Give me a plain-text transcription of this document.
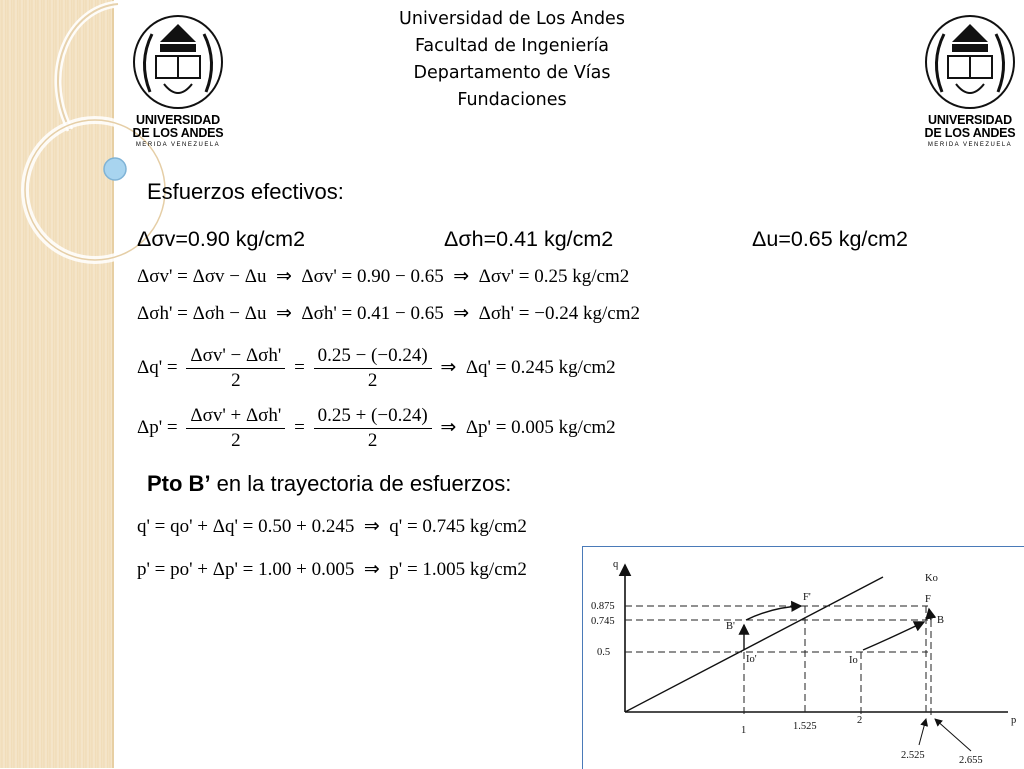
Universidad de Los Andes
Facultad de Ingeniería
Departamento de Vías
Fundaciones
UNIVERSIDAD
DE LOS ANDES
MERIDA VENEZUELA
UNIVERSIDAD
DE LOS ANDES
MERIDA VENEZUELA
Esfuerzos efectivos:
Δσv=0.90 kg/cm2	Δσh=0.41 kg/cm2	Δu=0.65 kg/cm2
Δσv' = Δσv − Δu  ⇒  Δσv' = 0.90 − 0.65  ⇒  Δσv' = 0.25 kg/cm2
Δσh' = Δσh − Δu  ⇒  Δσh' = 0.41 − 0.65  ⇒  Δσh' = −0.24 kg/cm2
$\Delta q' = \frac{\text{Δσv' − Δσh'}}{2} = \frac{0.25 - (-0.24)}{2}$ ⇒  Δq' = 0.245 kg/cm2
$\Delta p' = \frac{\text{Δσv' + Δσh'}}{2} = \frac{0.25 + (-0.24)}{2}$ ⇒  Δp' = 0.005 kg/cm2
Pto B’ en la trayectoria de esfuerzos:
q' = qo' + Δq' = 0.50 + 0.245  ⇒  q' = 0.745 kg/cm2
p' = po' + Δp' = 1.00 + 0.005  ⇒  p' = 1.005 kg/cm2	q
p
Ko
0.875
0.745
0.5
1	1.525
2
2.525	2.655
F'	F
B'
B
Io'	Io
